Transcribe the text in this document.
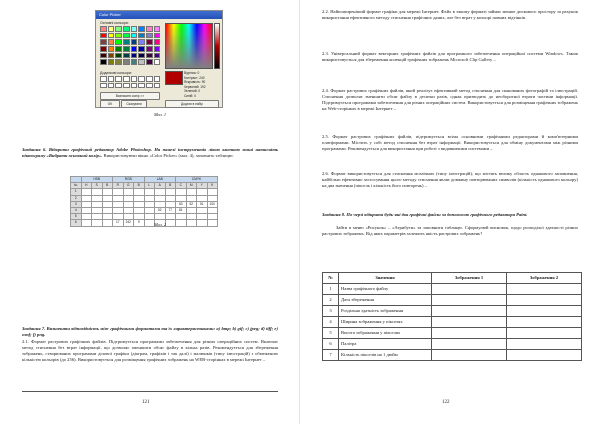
Color Picker
Основні кольори:
Додаткові кольори:
Визначити колір >>
OK	Скасувати
Відтінок: 0
Контраст: 240
Яскравість: 90
Червоний: 192
Зелений: 0
Синій: 0
Додати в набір
Мал. 1

Завдання 6. Відкрити графічний редактор Adobe Photoshop. На панелі інструментів лівою кнопкою миші натисніть піктограму «Вибрати основний колір». Використовуючи вікно «Color Picker» (мал. 4), заповніть таблицю:

	HSB			RGB			LAB			CMYK			
№	H	S	B	R	G	B	L	A	B	C	M	Y	K
1													
2													
3										63	52	51	100
4								52	77	81			
5													
6				17	242	9								Мал. 2

Завдання 7. Визначити відповідність між графічними форматами та їх характеристиками: a) bmp; b) gif; c) jpeg; d) tiff; e) wmf; f) png.

2.1. Формат растрових графічних файлів. Підтримується програмами забезпечення для різних операційних систем. Включає метод стиснення без втрат інформації, що дозволяє зменшити обсяг файлу в кілька разів. Рекомендується для збереження зображень, створюваних програмами ділової графіки (діаграм, графіків і так далі) і малюнків (типу ілюстрацій) з обмеженою кількістю кольорів (до 256). Використовується для розміщення графічних зображень на WEB-сторінках в мережі Інтернет –

121

2.2. Найпоширеніший формат графіки для мережі Інтернет. Файл в такому форматі займає менше дискового простору за рахунок використання ефективного методу стиснення графічних даних, але без втрат у кольорі повних відтінків.

2.3. Універсальний формат векторних графічних файлів для програмного забезпечення операційної системи Windows. Також використовується для збереження колекцій графічних зображень Microsoft Clip Gallery –

2.4. Формат растрових графічних файлів, який реалізує ефективний метод стиснення для сканованих фотографій та ілюстрацій. Стиснення дозволяє зменшити обсяг файлу в десятки разів, однак призводить до необоротної втрати частини інформації. Підтримується програмами забезпечення для різних операційних систем. Використовується для розміщення графічних зображень на Web-сторінках в мережі Інтернет –

2.5. Формат растрових графічних файлів, підтримується всіма основними графічними редакторами й комп'ютерними платформами. Містить у собі метод стиснення без втрат інформації. Використовується для обміну документами між різними програмами. Рекомендується для використання при роботі з видавничими системами –

2.6. Формат використовується для стиснення мозаїчних (типу ілюстрацій), що містять велику область однакового заповнення, найбільш ефективно застосування цього методу стиснення являє довжину повторюваних символів (кількість однакового кольору) на два значення (піксель і кількість його повторень) –

Завдання 8. По черзі відкрити будь-які два графічні файли за допомогою графічного редактора Paint.

Зайти в меню «Рисунок» – «Атрибути» та заповнити таблицю. Сформулюй висновок, щодо розподілої здатності різних растрових зображень. Від яких параметрів залежить якість растрових зображень?

122
№	Значення	Зображення 1	Зображення 2
1	Назва графічного файлу		
2	Дата збереження		
3	Роздільна здатність зображення		
4	Ширина зображення у пікселях		
5	Висота зображення у пікселях		
6	Палітра		
7	Кількість пікселів на 1 дюйм		
